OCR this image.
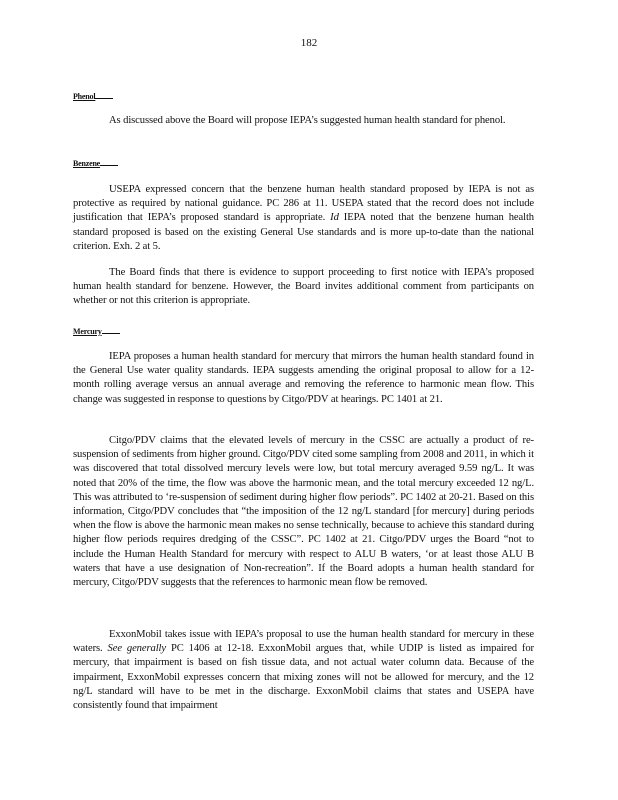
182
Phenol

As discussed above the Board will propose IEPA’s suggested human health standard for phenol.

Benzene

USEPA expressed concern that the benzene human health standard proposed by IEPA is not as protective as required by national guidance. PC 286 at 11. USEPA stated that the record does not include justification that IEPA’s proposed standard is appropriate. Id IEPA noted that the benzene human health standard proposed is based on the existing General Use standards and is more up-to-date than the national criterion. Exh. 2 at 5.

The Board finds that there is evidence to support proceeding to first notice with IEPA’s proposed human health standard for benzene. However, the Board invites additional comment from participants on whether or not this criterion is appropriate.

Mercury

IEPA proposes a human health standard for mercury that mirrors the human health standard found in the General Use water quality standards. IEPA suggests amending the original proposal to allow for a 12-month rolling average versus an annual average and removing the reference to harmonic mean flow. This change was suggested in response to questions by Citgo/PDV at hearings. PC 1401 at 21.

Citgo/PDV claims that the elevated levels of mercury in the CSSC are actually a product of re-suspension of sediments from higher ground. Citgo/PDV cited some sampling from 2008 and 2011, in which it was discovered that total dissolved mercury levels were low, but total mercury averaged 9.59 ng/L. It was noted that 20% of the time, the flow was above the harmonic mean, and the total mercury exceeded 12 ng/L. This was attributed to ‘re-suspension of sediment during higher flow periods”. PC 1402 at 20-21. Based on this information, Citgo/PDV concludes that “the imposition of the 12 ng/L standard [for mercury] during periods when the flow is above the harmonic mean makes no sense technically, because to achieve this standard during higher flow periods requires dredging of the CSSC”. PC 1402 at 21. Citgo/PDV urges the Board “not to include the Human Health Standard for mercury with respect to ALU B waters, ‘or at least those ALU B waters that have a use designation of Non-recreation”. If the Board adopts a human health standard for mercury, Citgo/PDV suggests that the references to harmonic mean flow be removed.

ExxonMobil takes issue with IEPA’s proposal to use the human health standard for mercury in these waters. See generally PC 1406 at 12-18. ExxonMobil argues that, while UDIP is listed as impaired for mercury, that impairment is based on fish tissue data, and not actual water column data. Because of the impairment, ExxonMobil expresses concern that mixing zones will not be allowed for mercury, and the 12 ng/L standard will have to be met in the discharge. ExxonMobil claims that states and USEPA have consistently found that impairment
